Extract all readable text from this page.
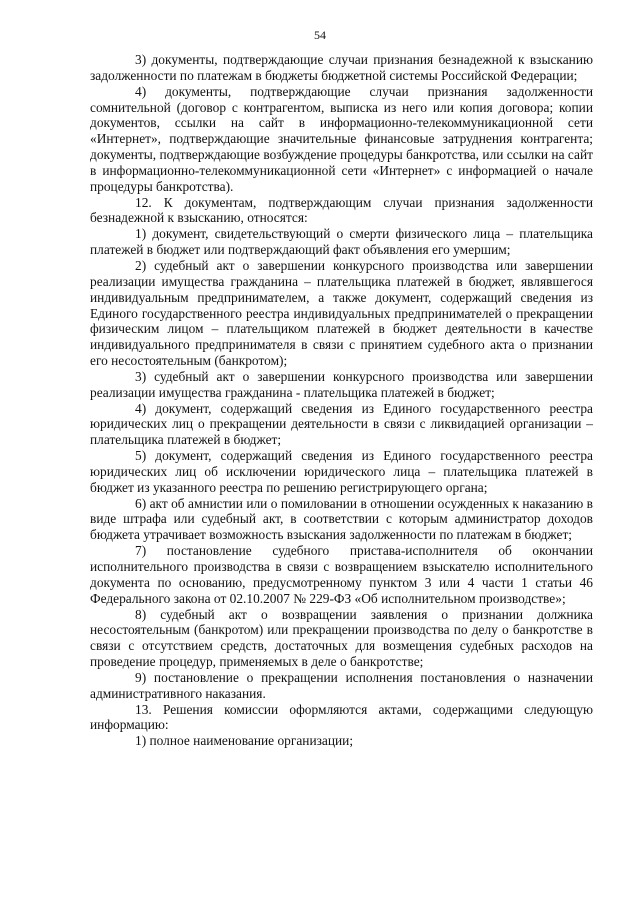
54

3) документы, подтверждающие случаи признания безнадежной к взысканию задолженности по платежам в бюджеты бюджетной системы Российской Федерации;

4) документы, подтверждающие случаи признания задолженности сомнительной (договор с контрагентом, выписка из него или копия договора; копии документов, ссылки на сайт в информационно-телекоммуникационной сети «Интернет», подтверждающие значительные финансовые затруднения контрагента; документы, подтверждающие возбуждение процедуры банкротства, или ссылки на сайт в информационно-телекоммуникационной сети «Интернет» с информацией о начале процедуры банкротства).

12. К документам, подтверждающим случаи признания задолженности безнадежной к взысканию, относятся:

1) документ, свидетельствующий о смерти физического лица – плательщика платежей в бюджет или подтверждающий факт объявления его умершим;

2) судебный акт о завершении конкурсного производства или завершении реализации имущества гражданина – плательщика платежей в бюджет, являвшегося индивидуальным предпринимателем, а также документ, содержащий сведения из Единого государственного реестра индивидуальных предпринимателей о прекращении физическим лицом – плательщиком платежей в бюджет деятельности в качестве индивидуального предпринимателя в связи с принятием судебного акта о признании его несостоятельным (банкротом);

3) судебный акт о завершении конкурсного производства или завершении реализации имущества гражданина - плательщика платежей в бюджет;

4) документ, содержащий сведения из Единого государственного реестра юридических лиц о прекращении деятельности в связи с ликвидацией организации – плательщика платежей в бюджет;

5) документ, содержащий сведения из Единого государственного реестра юридических лиц об исключении юридического лица – плательщика платежей в бюджет из указанного реестра по решению регистрирующего органа;

6) акт об амнистии или о помиловании в отношении осужденных к наказанию в виде штрафа или судебный акт, в соответствии с которым администратор доходов бюджета утрачивает возможность взыскания задолженности по платежам в бюджет;

7) постановление судебного пристава-исполнителя об окончании исполнительного производства в связи с возвращением взыскателю исполнительного документа по основанию, предусмотренному пунктом 3 или 4 части 1 статьи 46 Федерального закона от 02.10.2007 № 229-ФЗ «Об исполнительном производстве»;

8) судебный акт о возвращении заявления о признании должника несостоятельным (банкротом) или прекращении производства по делу о банкротстве в связи с отсутствием средств, достаточных для возмещения судебных расходов на проведение процедур, применяемых в деле о банкротстве;

9) постановление о прекращении исполнения постановления о назначении административного наказания.

13. Решения комиссии оформляются актами, содержащими следующую информацию:

1) полное наименование организации;
